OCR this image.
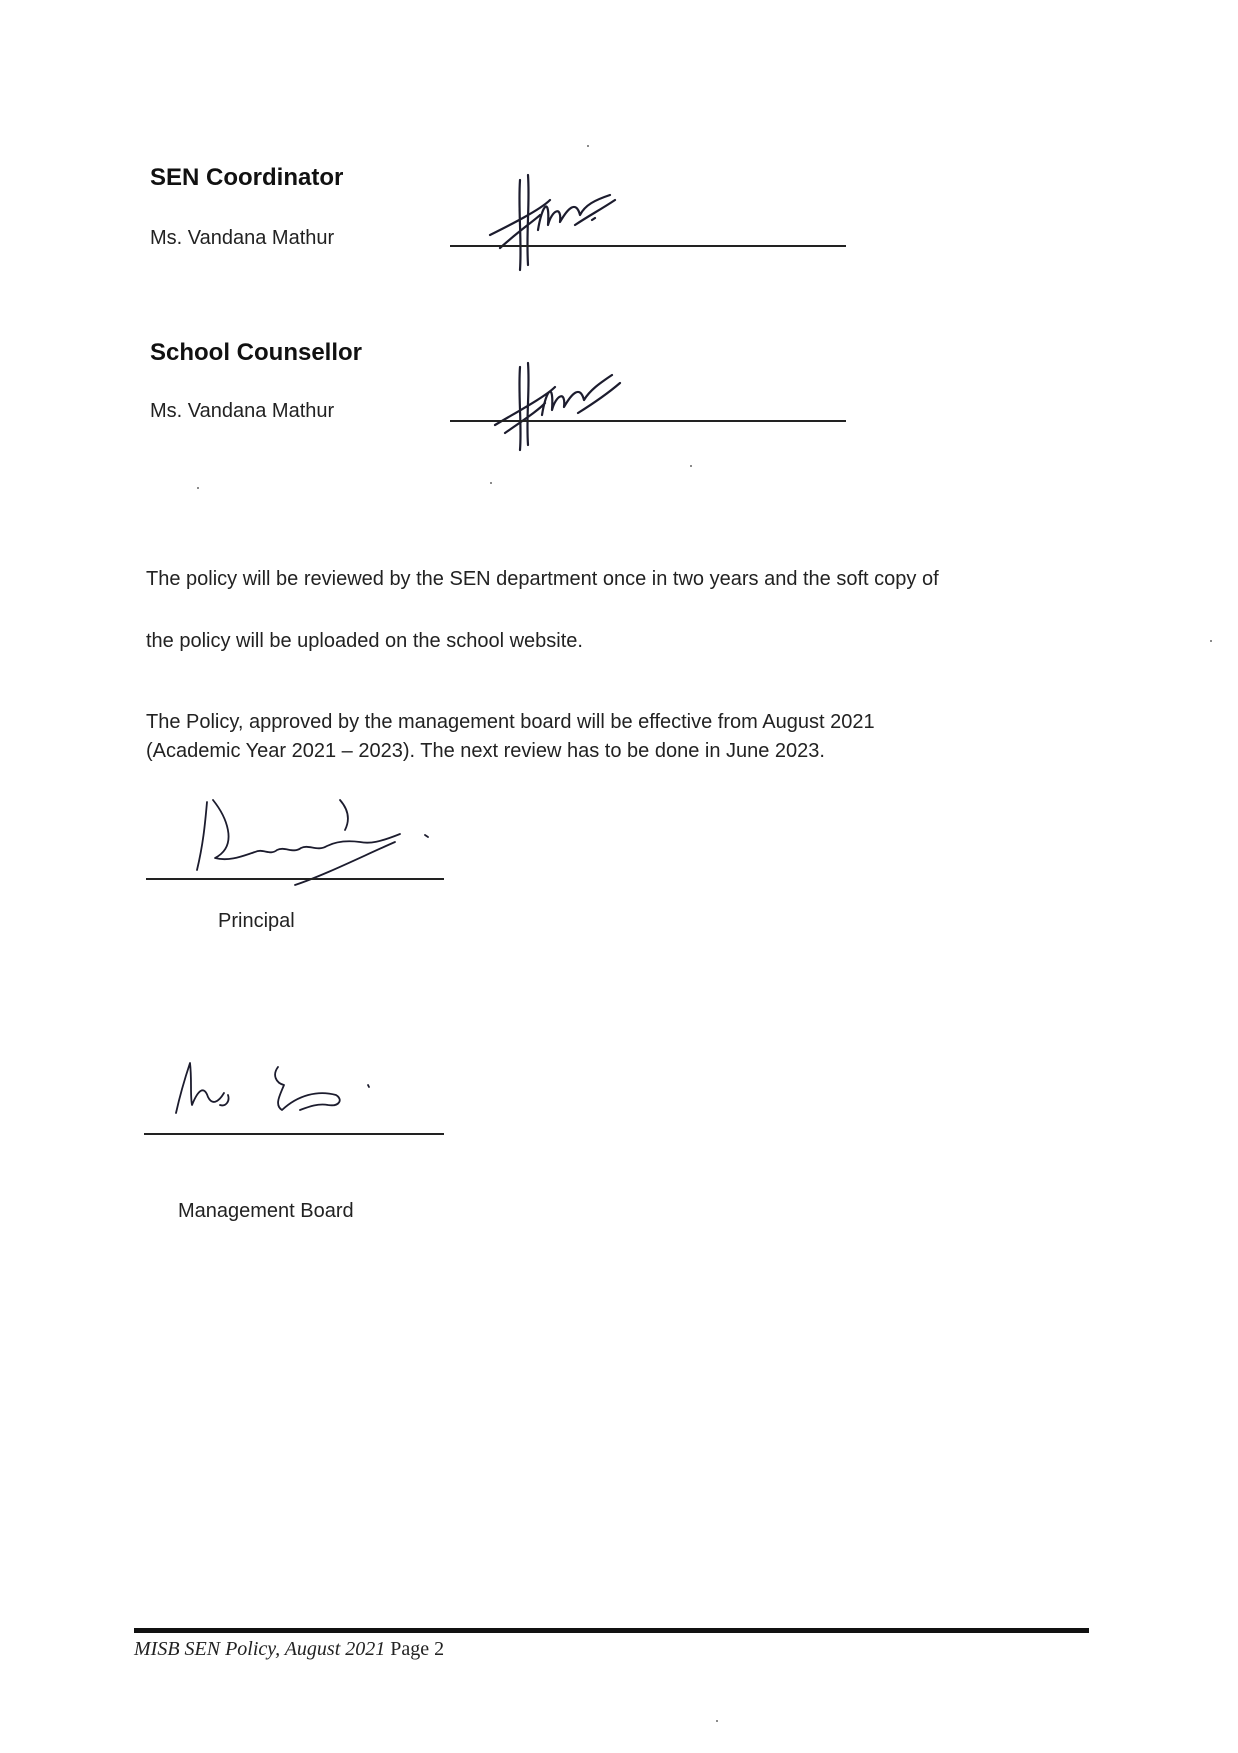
SEN Coordinator
Ms. Vandana Mathur
School Counsellor
Ms. Vandana Mathur
The policy will be reviewed by the SEN department once in two years and the soft copy of
the policy will be uploaded on the school website.
The Policy, approved by the management board will be effective from August 2021
(Academic Year 2021 – 2023). The next review has to be done in June 2023.
Principal
Management Board
MISB SEN Policy, August 2021 Page 2
